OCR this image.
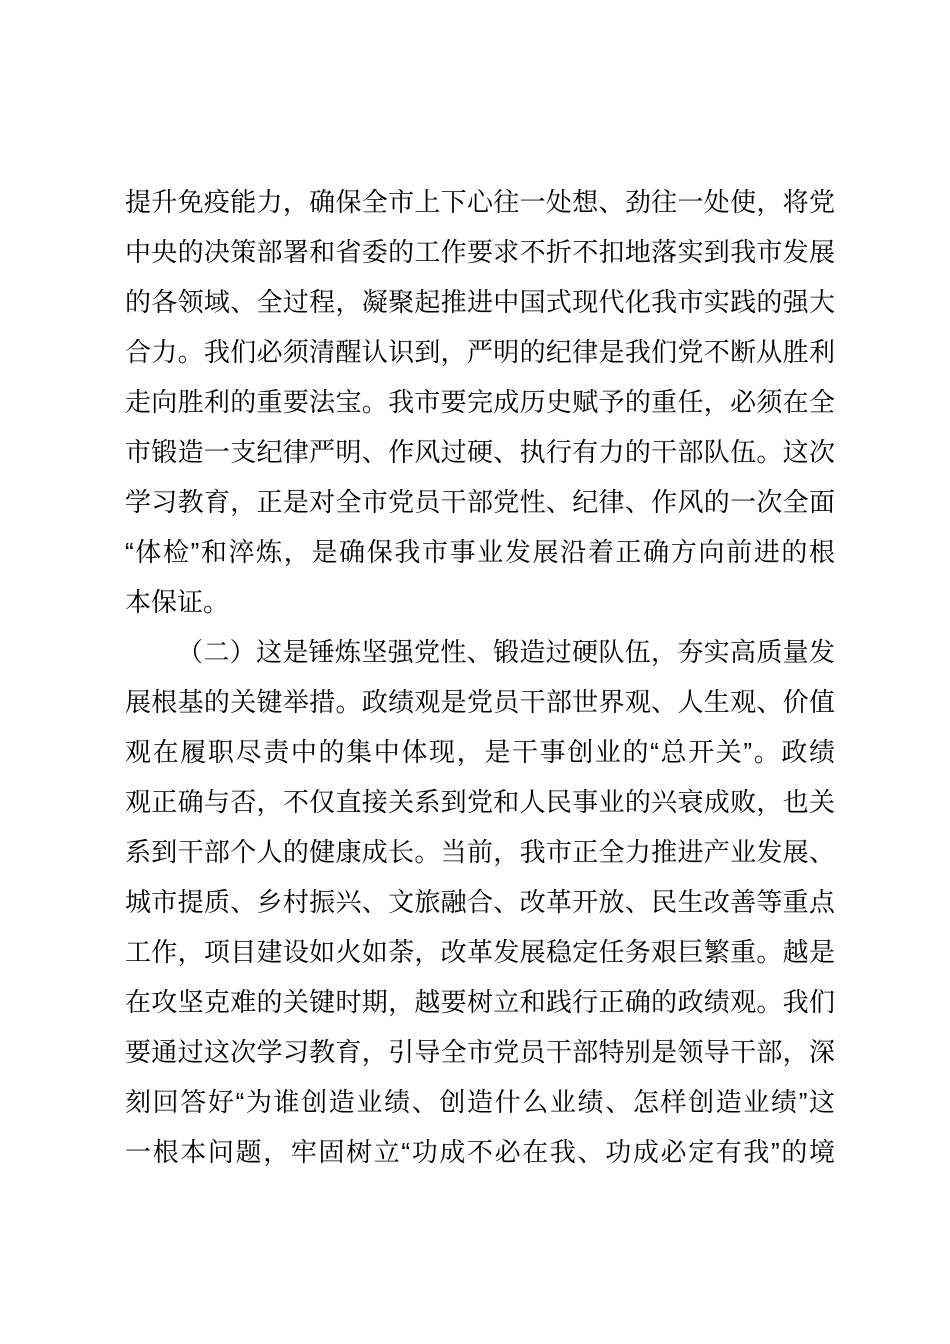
提升免疫能力，确保全市上下心往一处想、劲往一处使，将党
中央的决策部署和省委的工作要求不折不扣地落实到我市发展
的各领域、全过程，凝聚起推进中国式现代化我市实践的强大
合力。我们必须清醒认识到，严明的纪律是我们党不断从胜利
走向胜利的重要法宝。我市要完成历史赋予的重任，必须在全
市锻造一支纪律严明、作风过硬、执行有力的干部队伍。这次
学习教育，正是对全市党员干部党性、纪律、作风的一次全面
“体检”和淬炼，是确保我市事业发展沿着正确方向前进的根
本保证。
（二）这是锤炼坚强党性、锻造过硬队伍，夯实高质量发
展根基的关键举措。政绩观是党员干部世界观、人生观、价值
观在履职尽责中的集中体现，是干事创业的“总开关”。政绩
观正确与否，不仅直接关系到党和人民事业的兴衰成败，也关
系到干部个人的健康成长。当前，我市正全力推进产业发展、
城市提质、乡村振兴、文旅融合、改革开放、民生改善等重点
工作，项目建设如火如荼，改革发展稳定任务艰巨繁重。越是
在攻坚克难的关键时期，越要树立和践行正确的政绩观。我们
要通过这次学习教育，引导全市党员干部特别是领导干部，深
刻回答好“为谁创造业绩、创造什么业绩、怎样创造业绩”这
一根本问题，牢固树立“功成不必在我、功成必定有我”的境
